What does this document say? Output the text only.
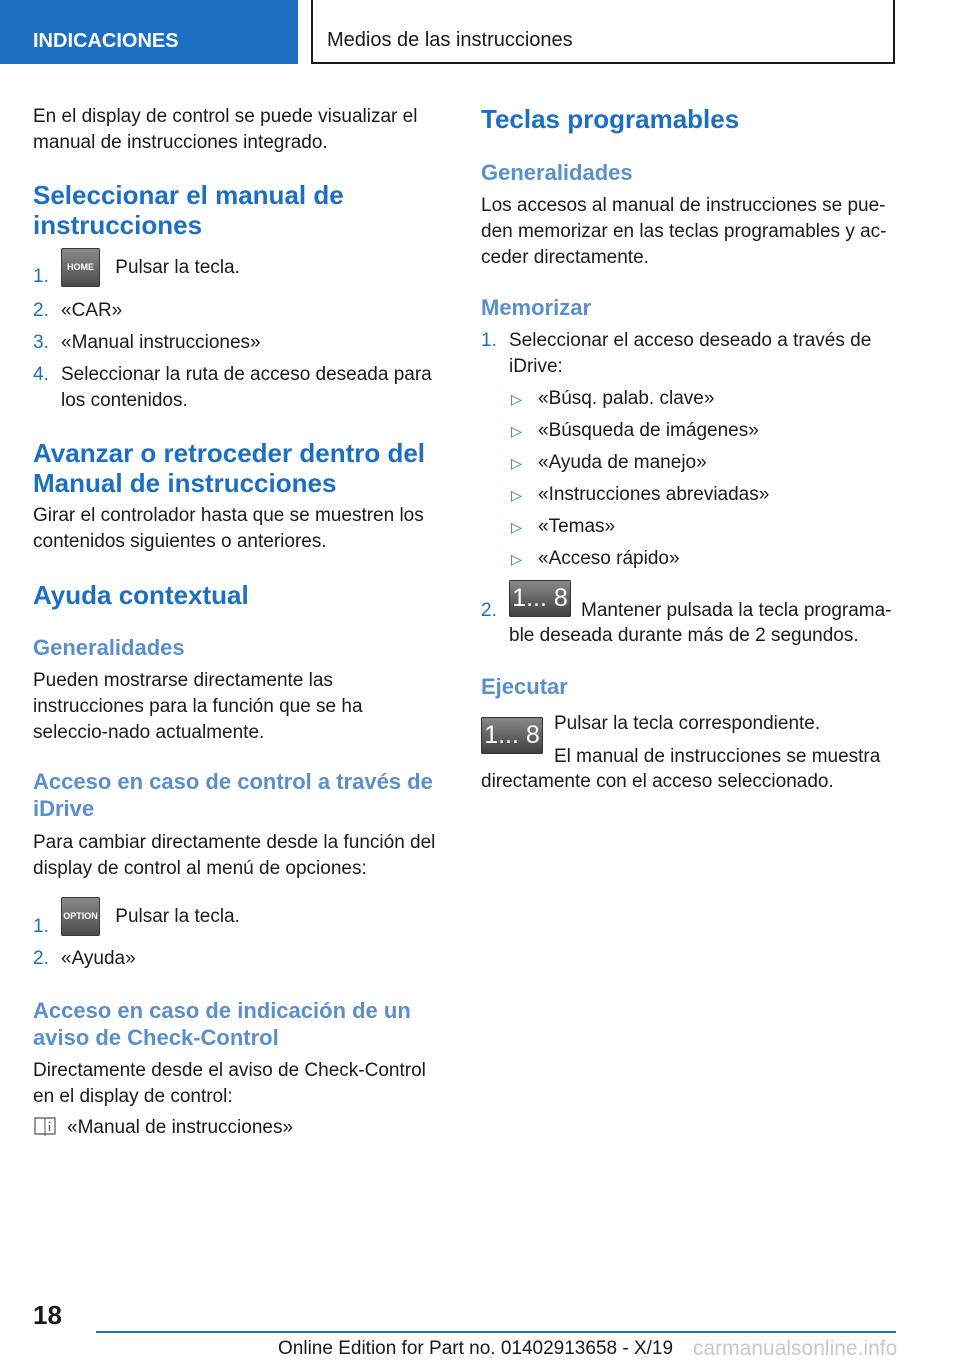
INDICACIONES	Medios de las instrucciones

En el display de control se puede visualizar el manual de instrucciones integrado.

Seleccionar el manual de instrucciones
1.	HOME Pulsar la tecla.
2. «CAR»
3. «Manual instrucciones»
4. Seleccionar la ruta de acceso deseada para los contenidos.
Avanzar o retroceder dentro del Manual de instrucciones

Girar el controlador hasta que se muestren los contenidos siguientes o anteriores.

Ayuda contextual
Generalidades

Pueden mostrarse directamente las instrucciones para la función que se ha seleccio-nado actualmente.

Acceso en caso de control a través de iDrive

Para cambiar directamente desde la función del display de control al menú de opciones:

1. OPTION Pulsar la tecla.
2. «Ayuda»
Acceso en caso de indicación de un aviso de Check-Control

Directamente desde el aviso de Check-Control en el display de control:

«Manual de instrucciones»
Teclas programables
Generalidades

Los accesos al manual de instrucciones se pue-den memorizar en las teclas programables y ac-ceder directamente.

Memorizar
1. Seleccionar el acceso deseado a través de iDrive:
▷ «Búsq. palab. clave»
▷ «Búsqueda de imágenes»
▷ «Ayuda de manejo»
▷ «Instrucciones abreviadas»
▷ «Temas»
▷ «Acceso rápido»
2. 1... 8 Mantener pulsada la tecla programa-
ble deseada durante más de 2 segundos.
Ejecutar
1... 8 Pulsar la tecla correspondiente.
El manual de instrucciones se muestra
directamente con el acceso seleccionado.
18
Online Edition for Part no. 01402913658 - X/19 carmanualsonline.info
